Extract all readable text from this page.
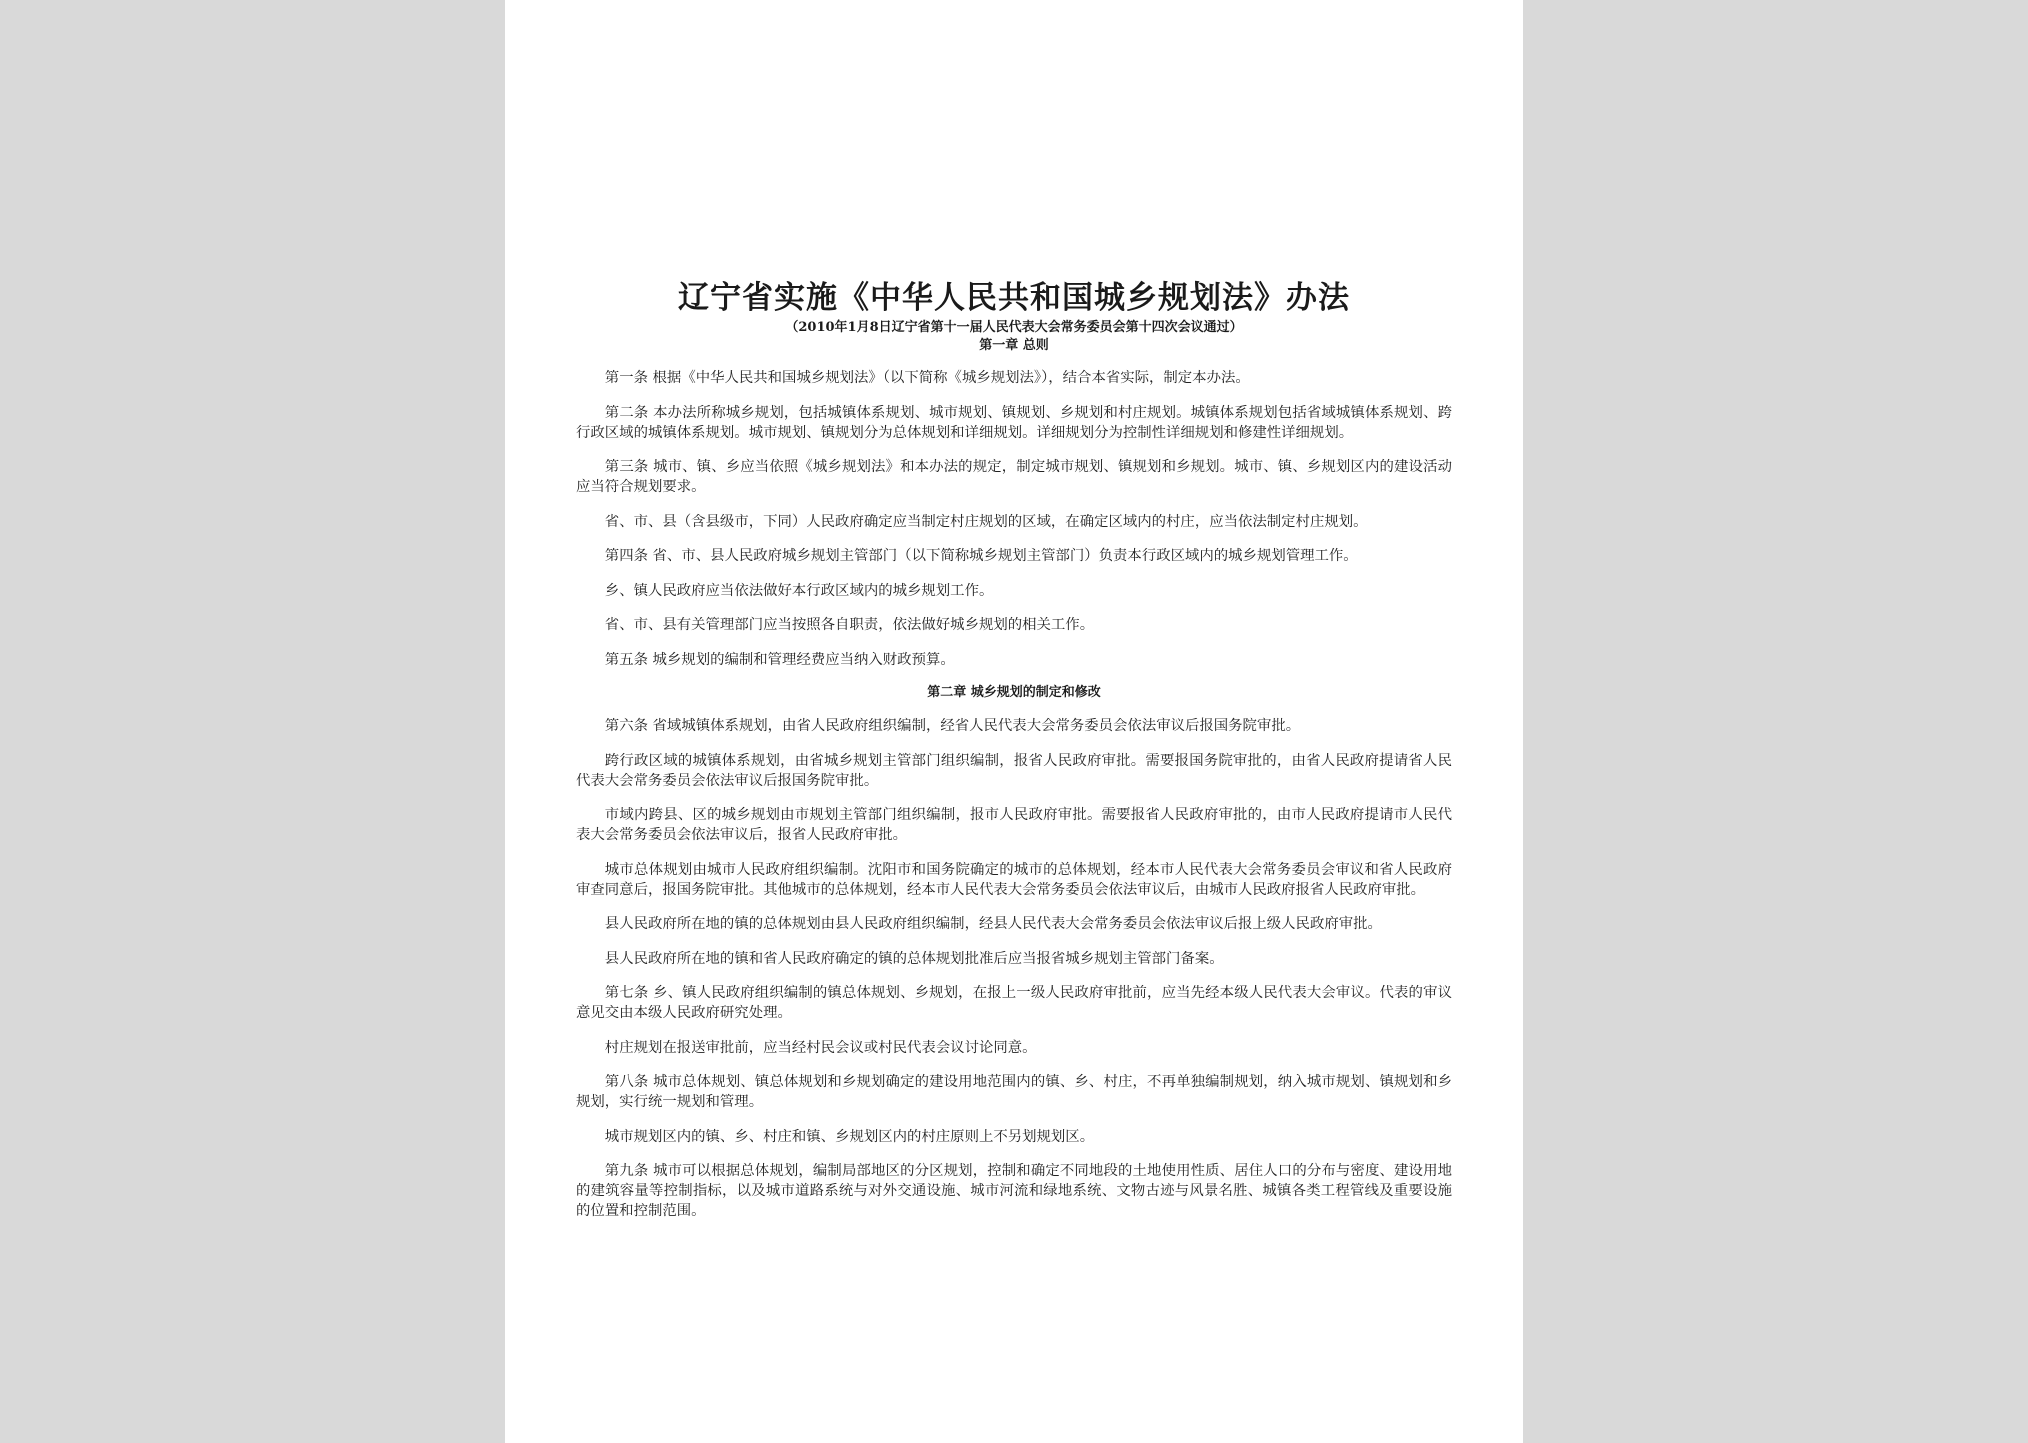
辽宁省实施《中华人民共和国城乡规划法》办法
（2010年1月8日辽宁省第十一届人民代表大会常务委员会第十四次会议通过）
第一章 总则

第一条 根据《中华人民共和国城乡规划法》（以下简称《城乡规划法》），结合本省实际，制定本办法。

第二条 本办法所称城乡规划，包括城镇体系规划、城市规划、镇规划、乡规划和村庄规划。城镇体系规划包括省域城镇体系规划、跨行政区域的城镇体系规划。城市规划、镇规划分为总体规划和详细规划。详细规划分为控制性详细规划和修建性详细规划。

第三条 城市、镇、乡应当依照《城乡规划法》和本办法的规定，制定城市规划、镇规划和乡规划。城市、镇、乡规划区内的建设活动应当符合规划要求。

省、市、县（含县级市，下同）人民政府确定应当制定村庄规划的区域，在确定区域内的村庄，应当依法制定村庄规划。

第四条 省、市、县人民政府城乡规划主管部门（以下简称城乡规划主管部门）负责本行政区域内的城乡规划管理工作。

乡、镇人民政府应当依法做好本行政区域内的城乡规划工作。

省、市、县有关管理部门应当按照各自职责，依法做好城乡规划的相关工作。

第五条 城乡规划的编制和管理经费应当纳入财政预算。

第二章 城乡规划的制定和修改

第六条 省域城镇体系规划，由省人民政府组织编制，经省人民代表大会常务委员会依法审议后报国务院审批。

跨行政区域的城镇体系规划，由省城乡规划主管部门组织编制，报省人民政府审批。需要报国务院审批的，由省人民政府提请省人民代表大会常务委员会依法审议后报国务院审批。

市域内跨县、区的城乡规划由市规划主管部门组织编制，报市人民政府审批。需要报省人民政府审批的，由市人民政府提请市人民代表大会常务委员会依法审议后，报省人民政府审批。

城市总体规划由城市人民政府组织编制。沈阳市和国务院确定的城市的总体规划，经本市人民代表大会常务委员会审议和省人民政府审查同意后，报国务院审批。其他城市的总体规划，经本市人民代表大会常务委员会依法审议后，由城市人民政府报省人民政府审批。

县人民政府所在地的镇的总体规划由县人民政府组织编制，经县人民代表大会常务委员会依法审议后报上级人民政府审批。

县人民政府所在地的镇和省人民政府确定的镇的总体规划批准后应当报省城乡规划主管部门备案。

第七条 乡、镇人民政府组织编制的镇总体规划、乡规划，在报上一级人民政府审批前，应当先经本级人民代表大会审议。代表的审议意见交由本级人民政府研究处理。

村庄规划在报送审批前，应当经村民会议或村民代表会议讨论同意。

第八条 城市总体规划、镇总体规划和乡规划确定的建设用地范围内的镇、乡、村庄，不再单独编制规划，纳入城市规划、镇规划和乡规划，实行统一规划和管理。

城市规划区内的镇、乡、村庄和镇、乡规划区内的村庄原则上不另划规划区。

第九条 城市可以根据总体规划，编制局部地区的分区规划，控制和确定不同地段的土地使用性质、居住人口的分布与密度、建设用地的建筑容量等控制指标，以及城市道路系统与对外交通设施、城市河流和绿地系统、文物古迹与风景名胜、城镇各类工程管线及重要设施的位置和控制范围。
